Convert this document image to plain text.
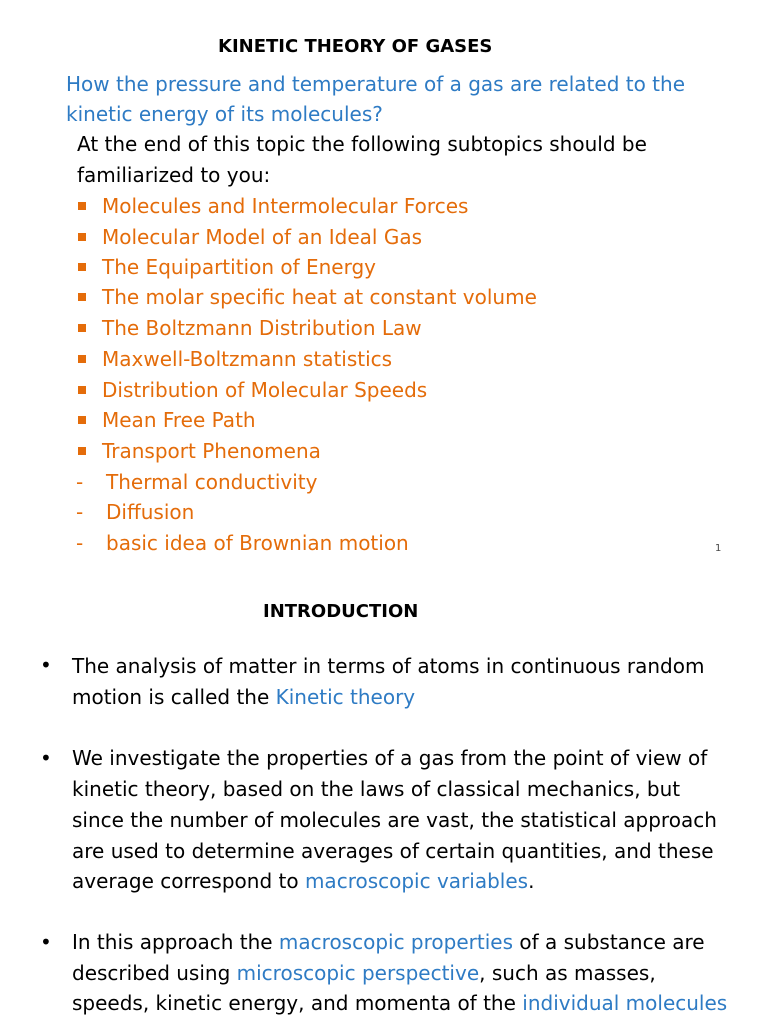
KINETIC THEORY OF GASES
How the pressure and temperature of a gas are related to the
kinetic energy of its molecules?
At the end of this topic the following subtopics should be
familiarized to you:
Molecules and Intermolecular Forces
Molecular Model of an Ideal Gas
The Equipartition of Energy
The molar specific heat at constant volume
The Boltzmann Distribution Law
Maxwell-Boltzmann statistics
Distribution of Molecular Speeds
Mean Free Path
Transport Phenomena
- Thermal conductivity
- Diffusion
- basic idea of Brownian motion	1
INTRODUCTION
• The analysis of matter in terms of atoms in continuous random
motion is called the Kinetic theory
• We investigate the properties of a gas from the point of view of
kinetic theory, based on the laws of classical mechanics, but
since the number of molecules are vast, the statistical approach
are used to determine averages of certain quantities, and these
average correspond to macroscopic variables.
• In this approach the macroscopic properties of a substance are
described using microscopic perspective, such as masses,
speeds, kinetic energy, and momenta of the individual molecules
